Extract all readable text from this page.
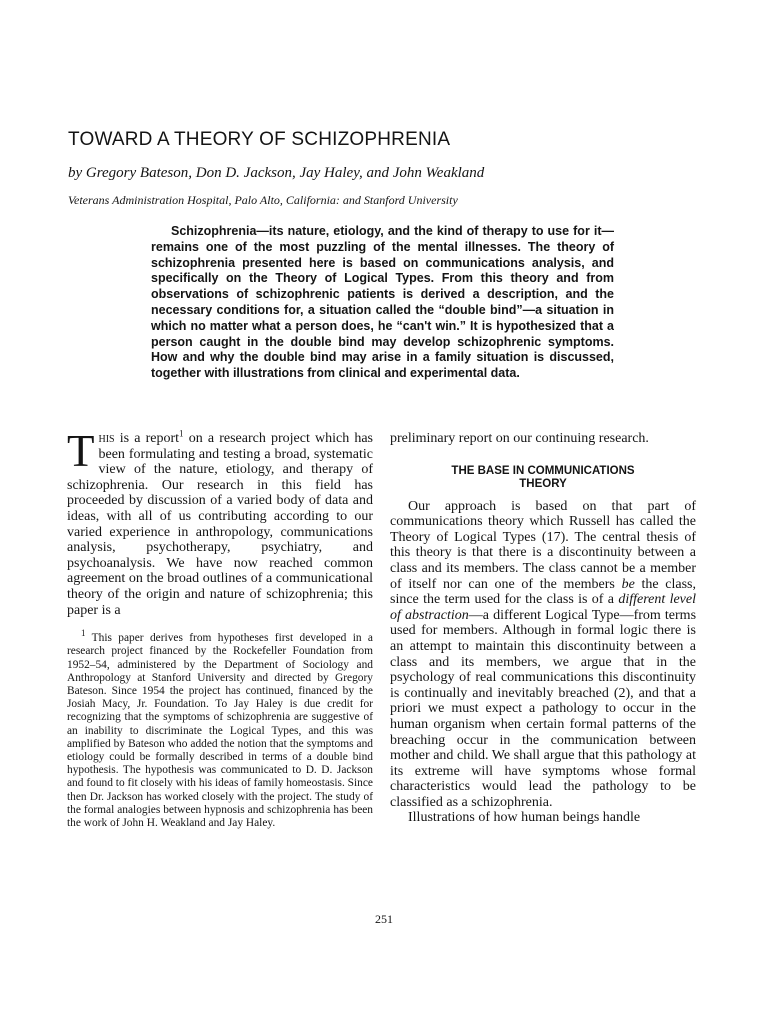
TOWARD A THEORY OF SCHIZOPHRENIA
by Gregory Bateson, Don D. Jackson, Jay Haley, and John Weakland
Veterans Administration Hospital, Palo Alto, California: and Stanford University

Schizophrenia—its nature, etiology, and the kind of therapy to use for it—remains one of the most puzzling of the mental illnesses. The theory of schizophrenia presented here is based on communications analysis, and specifically on the Theory of Logical Types. From this theory and from observations of schizophrenic patients is derived a description, and the necessary conditions for, a situation called the “double bind”—a situation in which no matter what a person does, he “can't win.” It is hypothesized that a person caught in the double bind may develop schizophrenic symptoms. How and why the double bind may arise in a family situation is discussed, together with illustrations from clinical and experimental data.

This is a report$^1$ on a research project which has been formulating and testing a broad, systematic view of the nature, etiology, and therapy of schizophrenia. Our research in this field has proceeded by discussion of a varied body of data and ideas, with all of us contributing according to our varied experience in anthropology, communications analysis, psychotherapy, psychiatry, and psychoanalysis. We have now reached common agreement on the broad outlines of a communicational theory of the origin and nature of schizophrenia; this paper is a

$^1$ This paper derives from hypotheses first developed in a research project financed by the Rockefeller Foundation from 1952–54, administered by the Department of Sociology and Anthropology at Stanford University and directed by Gregory Bateson. Since 1954 the project has continued, financed by the Josiah Macy, Jr. Foundation. To Jay Haley is due credit for recognizing that the symptoms of schizophrenia are suggestive of an inability to discriminate the Logical Types, and this was amplified by Bateson who added the notion that the symptoms and etiology could be formally described in terms of a double bind hypothesis. The hypothesis was communicated to D. D. Jackson and found to fit closely with his ideas of family homeostasis. Since then Dr. Jackson has worked closely with the project. The study of the formal analogies between hypnosis and schizophrenia has been the work of John H. Weakland and Jay Haley.

preliminary report on our continuing research.

THE BASE IN COMMUNICATIONS
THEORY

Our approach is based on that part of communications theory which Russell has called the Theory of Logical Types (17). The central thesis of this theory is that there is a discontinuity between a class and its members. The class cannot be a member of itself nor can one of the members be the class, since the term used for the class is of a different level of abstraction—a different Logical Type—from terms used for members. Although in formal logic there is an attempt to maintain this discontinuity between a class and its members, we argue that in the psychology of real communications this discontinuity is continually and inevitably breached (2), and that a priori we must expect a pathology to occur in the human organism when certain formal patterns of the breaching occur in the communication between mother and child. We shall argue that this pathology at its extreme will have symptoms whose formal characteristics would lead the pathology to be classified as a schizophrenia.

Illustrations of how human beings handle

251
